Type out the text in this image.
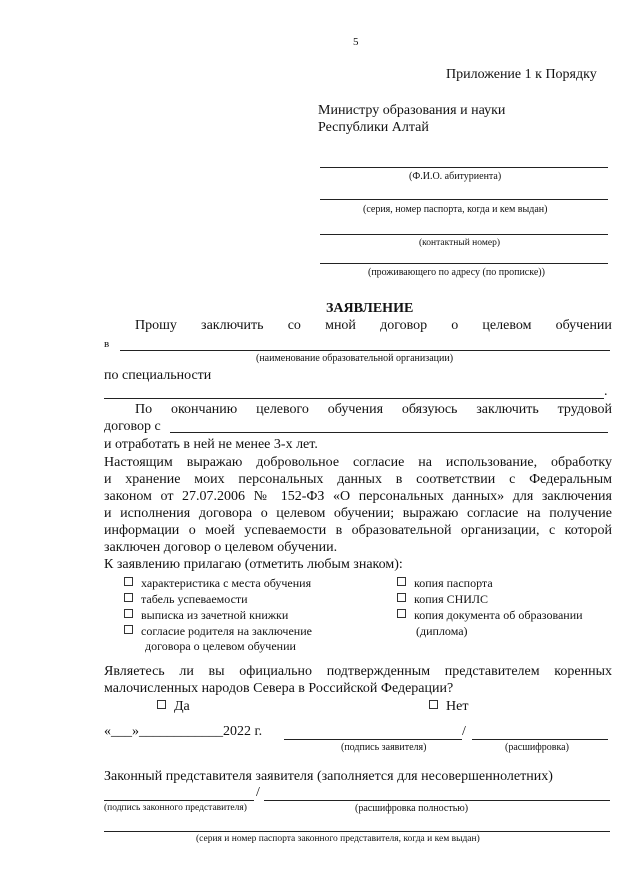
5
Приложение 1 к Порядку
Министру образования и науки
Республики Алтай
(Ф.И.О. абитуриента)
(серия, номер паспорта, когда и кем выдан)
(контактный номер)
(проживающего по адресу (по прописке))
ЗАЯВЛЕНИЕ
Прошу заключить со мной договор о целевом обучении
в
(наименование образовательной организации)
по специальности
.
По окончанию целевого обучения обязуюсь заключить трудовой
договор с
и отработать в ней не менее 3-х лет.
Настоящим выражаю добровольное согласие на использование, обработку
и хранение моих персональных данных в соответствии с Федеральным
законом от 27.07.2006 № 152-ФЗ «О персональных данных» для заключения
и исполнения договора о целевом обучении; выражаю согласие на получение
информации о моей успеваемости в образовательной организации, с которой
заключен договор о целевом обучении.
К заявлению прилагаю (отметить любым знаком):
характеристика с места обучения
табель успеваемости
выписка из зачетной книжки
согласие родителя на заключение
договора о целевом обучении
копия паспорта
копия СНИЛС
копия документа об образовании
(диплома)
Являетесь ли вы официально подтвержденным представителем коренных
малочисленных народов Севера в Российской Федерации?
Да	Нет
«___»____________2022 г.	/
(подпись заявителя)	(расшифровка)
Законный представителя заявителя (заполняется для несовершеннолетних)
/
(подпись законного представителя)	(расшифровка полностью)
(серия и номер паспорта законного представителя, когда и кем выдан)
